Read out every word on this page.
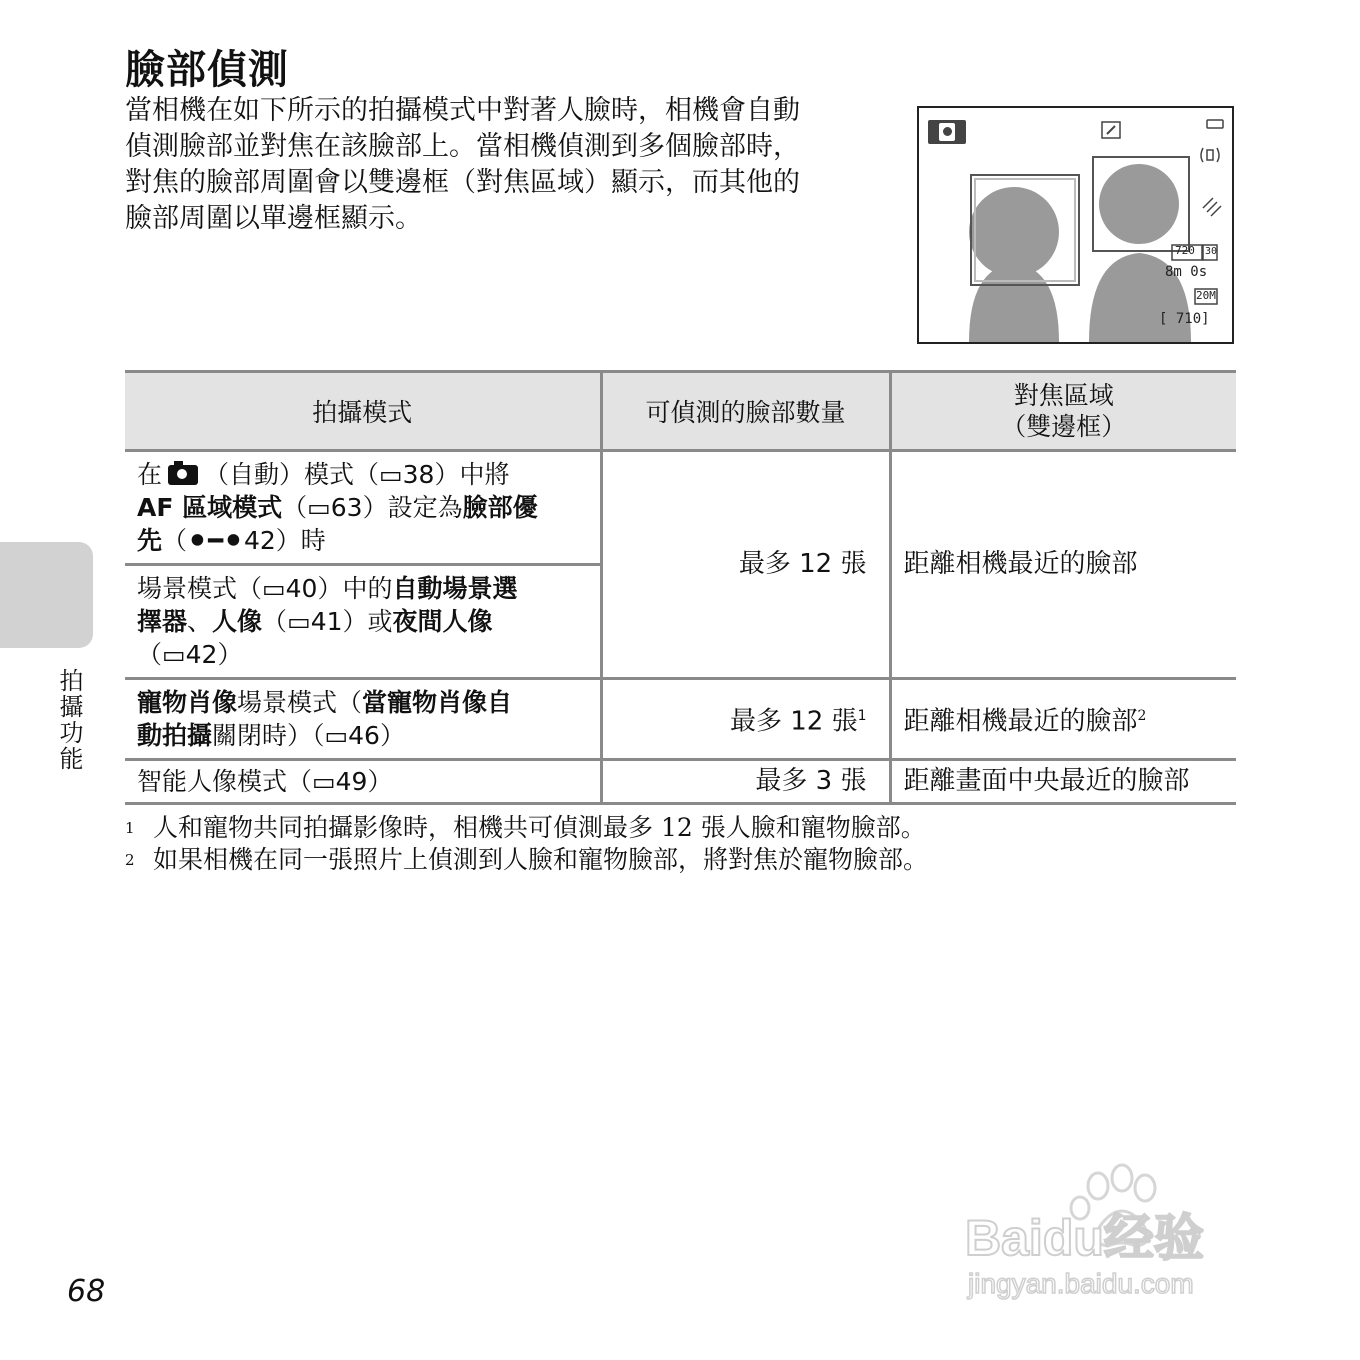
臉部偵測
當相機在如下所示的拍攝模式中對著人臉時，相機會自動
偵測臉部並對焦在該臉部上。當相機偵測到多個臉部時，
對焦的臉部周圍會以雙邊框（對焦區域）顯示，而其他的
臉部周圍以單邊框顯示。
720 30
8m 0s
20M
[ 710]
拍攝模式	可偵測的臉部數量	對焦區域
（雙邊框）

在 （自動）模式（▭38）中將
AF 區域模式（▭63）設定為臉部優
先（⚫━⚫42）時	最多 12 張	距離相機最近的臉部

場景模式（▭40）中的自動場景選
擇器、人像（▭41）或夜間人像
（▭42）		

寵物肖像場景模式（當寵物肖像自
動拍攝關閉時）（▭46）	最多 12 張$^1$	距離相機最近的臉部$^2$
智能人像模式（▭49）	最多 3 張	距離畫面中央最近的臉部
$^1$ 人和寵物共同拍攝影像時，相機共可偵測最多 12 張人臉和寵物臉部。
$^2$ 如果相機在同一張照片上偵測到人臉和寵物臉部，將對焦於寵物臉部。
拍攝功能
68
Baidu经验
jingyan.baidu.com
